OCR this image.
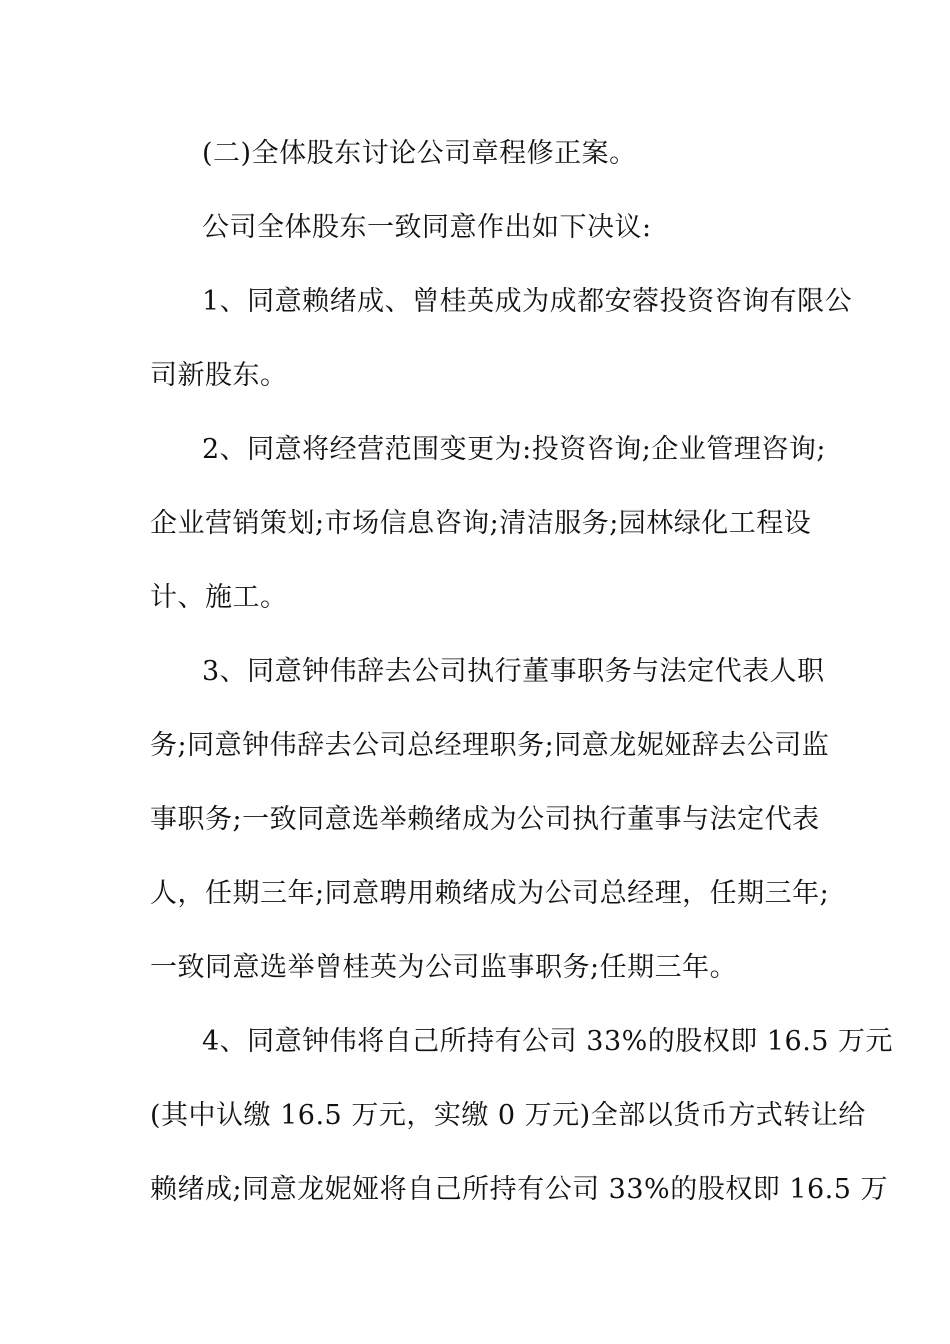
(二)全体股东讨论公司章程修正案。
公司全体股东一致同意作出如下决议:
1、同意赖绪成、曾桂英成为成都安蓉投资咨询有限公
司新股东。
2、同意将经营范围变更为:投资咨询;企业管理咨询;
企业营销策划;市场信息咨询;清洁服务;园林绿化工程设
计、施工。
3、同意钟伟辞去公司执行董事职务与法定代表人职
务;同意钟伟辞去公司总经理职务;同意龙妮娅辞去公司监
事职务;一致同意选举赖绪成为公司执行董事与法定代表
人，任期三年;同意聘用赖绪成为公司总经理，任期三年;
一致同意选举曾桂英为公司监事职务;任期三年。
4、同意钟伟将自己所持有公司 33%的股权即 16.5 万元
(其中认缴 16.5 万元，实缴 0 万元)全部以货币方式转让给
赖绪成;同意龙妮娅将自己所持有公司 33%的股权即 16.5 万
